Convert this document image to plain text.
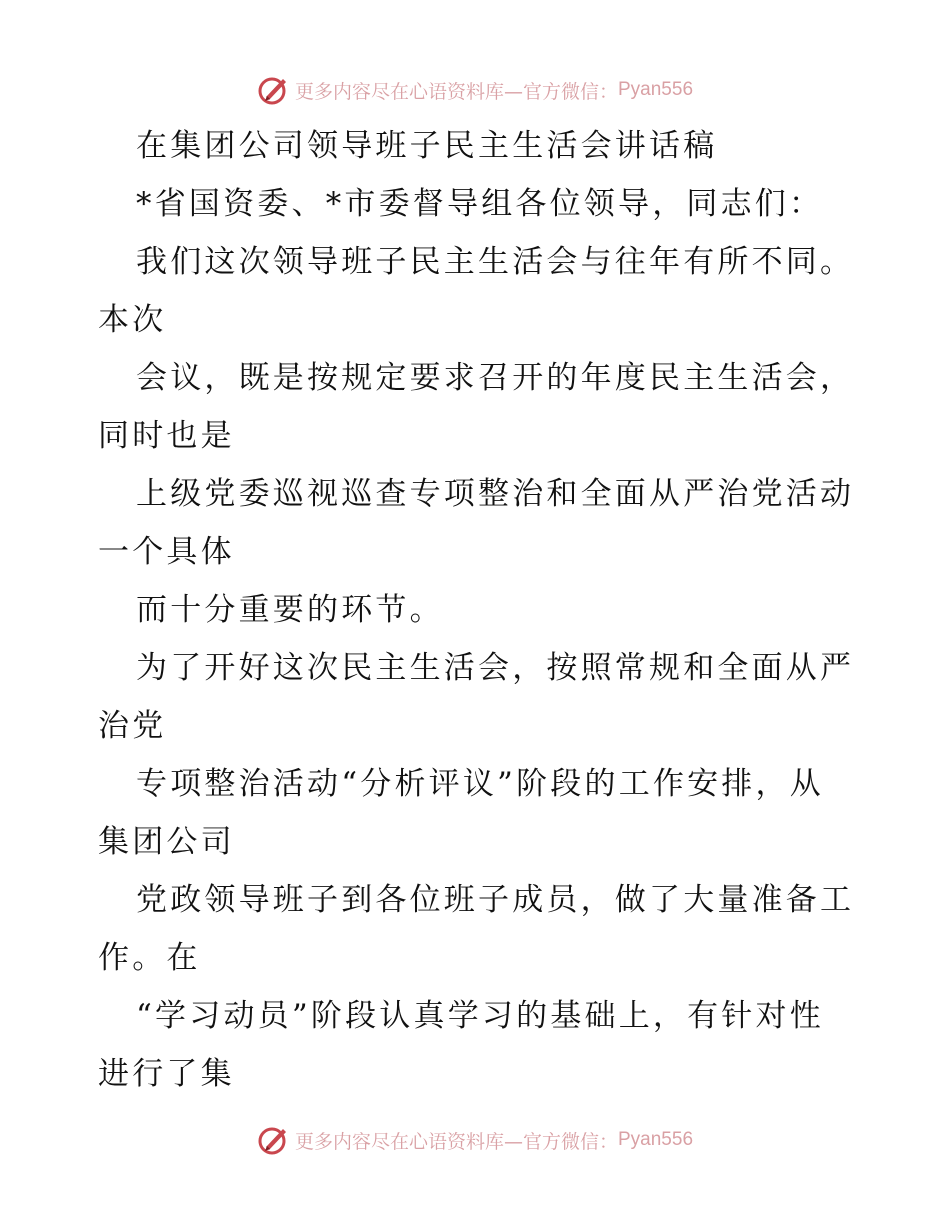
更多内容尽在心语资料库—官方微信： Pyan556
在集团公司领导班子民主生活会讲话稿
*省国资委、*市委督导组各位领导，同志们：
我们这次领导班子民主生活会与往年有所不同。
本次
会议，既是按规定要求召开的年度民主生活会，
同时也是
上级党委巡视巡查专项整治和全面从严治党活动
一个具体
而十分重要的环节。
为了开好这次民主生活会，按照常规和全面从严
治党
专项整治活动“分析评议”阶段的工作安排，从
集团公司
党政领导班子到各位班子成员，做了大量准备工
作。在
“学习动员”阶段认真学习的基础上，有针对性
进行了集
更多内容尽在心语资料库—官方微信： Pyan556
